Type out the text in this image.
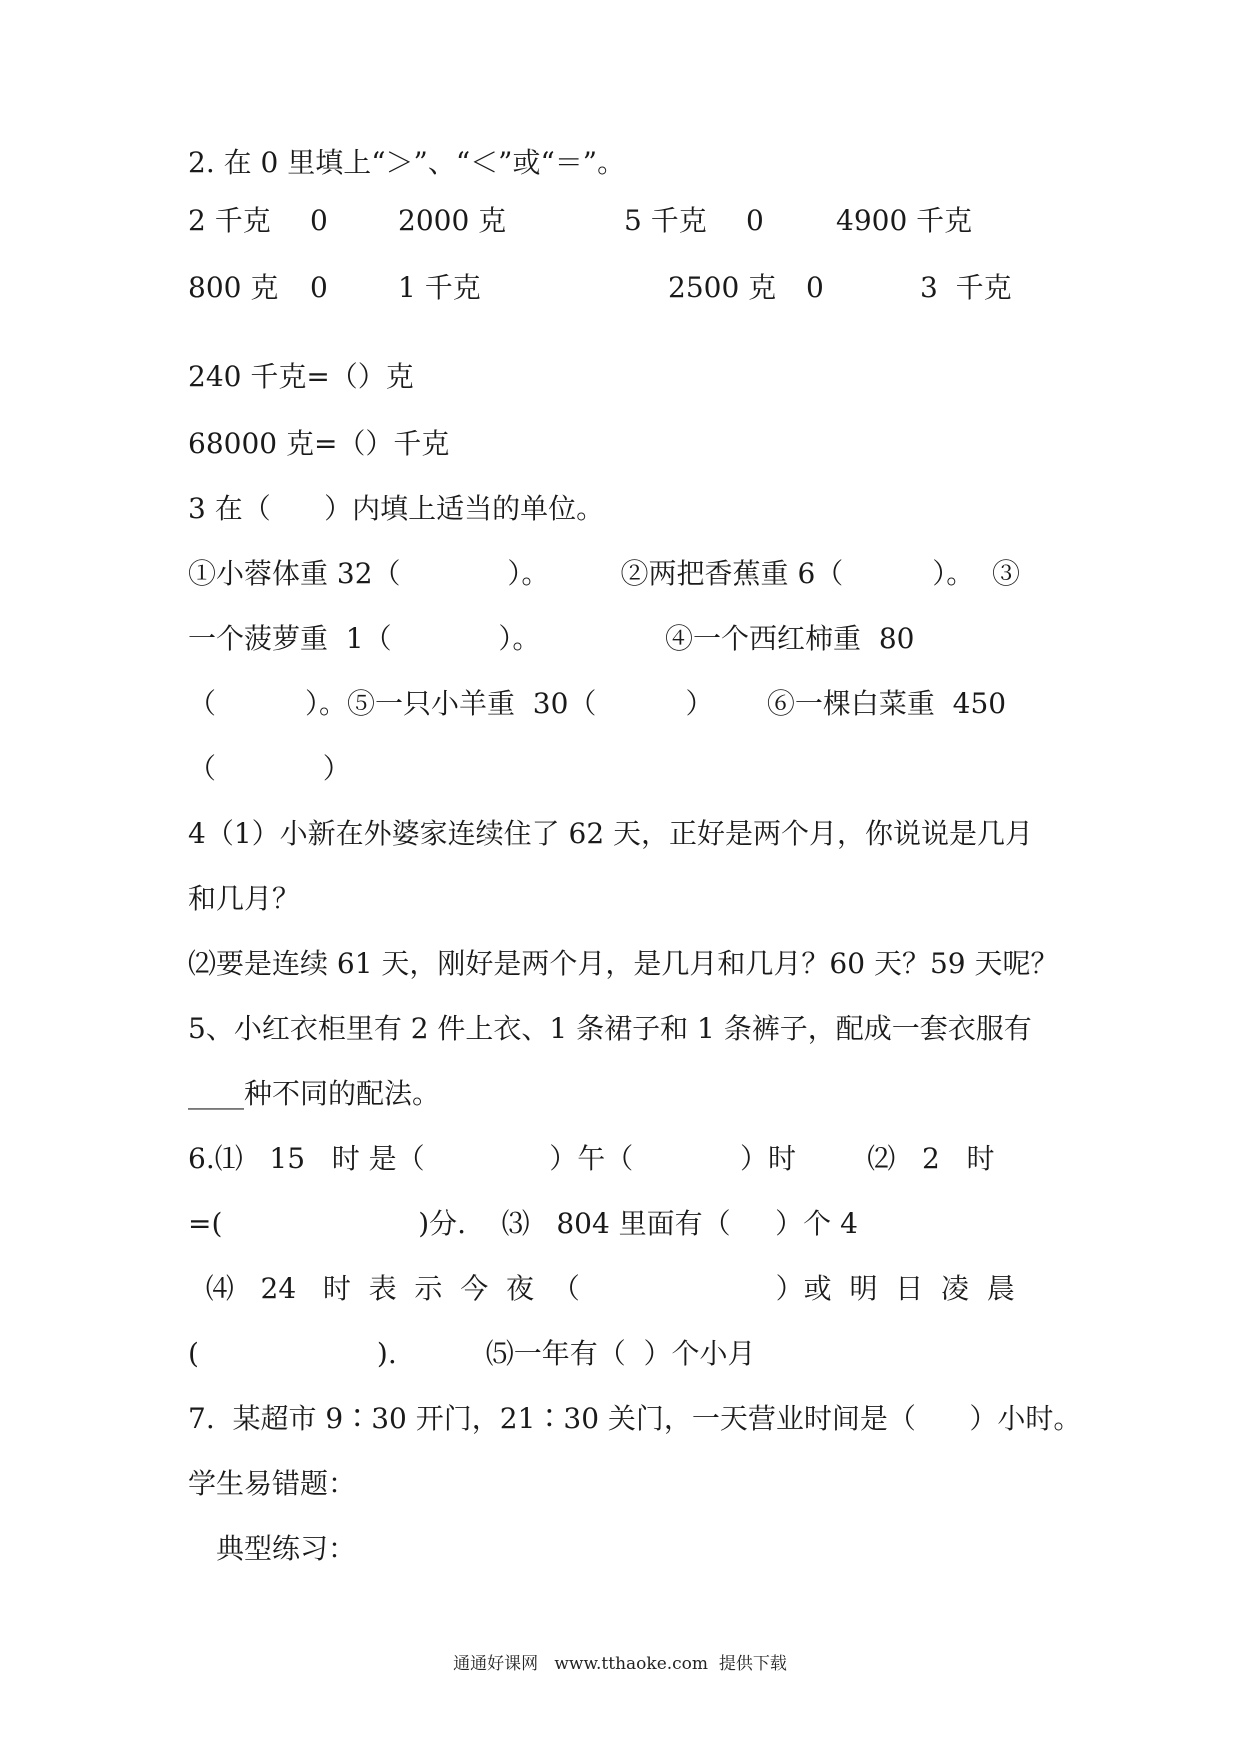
2. 在 0 里填上“＞”、“＜”或“＝”。
2 千克 0	2000 克	5 千克 0	4900 千克
800 克 0	1 千克	2500 克 0	3  千克
240 千克=（）克
68000 克=（）千克
3 在（      ）内填上适当的单位。
①小蓉体重 32（            ）。        ②两把香蕉重 6（          ）。  ③
一个菠萝重  1（            ）。              ④一个西红柿重  80
（          ）。⑤一只小羊重  30（          ）      ⑥一棵白菜重  450
（            ）
4（1）小新在外婆家连续住了 62 天，正好是两个月，你说说是几月
和几月？
⑵要是连续 61 天，刚好是两个月，是几月和几月？60 天？59 天呢？
5、小红衣柜里有 2 件上衣、1 条裙子和 1 条裤子，配成一套衣服有
____种不同的配法。
6.⑴   15   时 是（              ）午（            ）时        ⑵   2   时
=(                      )分.    ⑶   804 里面有（     ）个 4
⑷   24   时  表  示  今  夜  （                      ）或  明  日  凌  晨
(                    ).          ⑸一年有（  ）个小月
7.  某超市 9∶30 开门，21∶30 关门，一天营业时间是（      ）小时。
学生易错题：
典型练习：
通通好课网   www.tthaoke.com  提供下载
